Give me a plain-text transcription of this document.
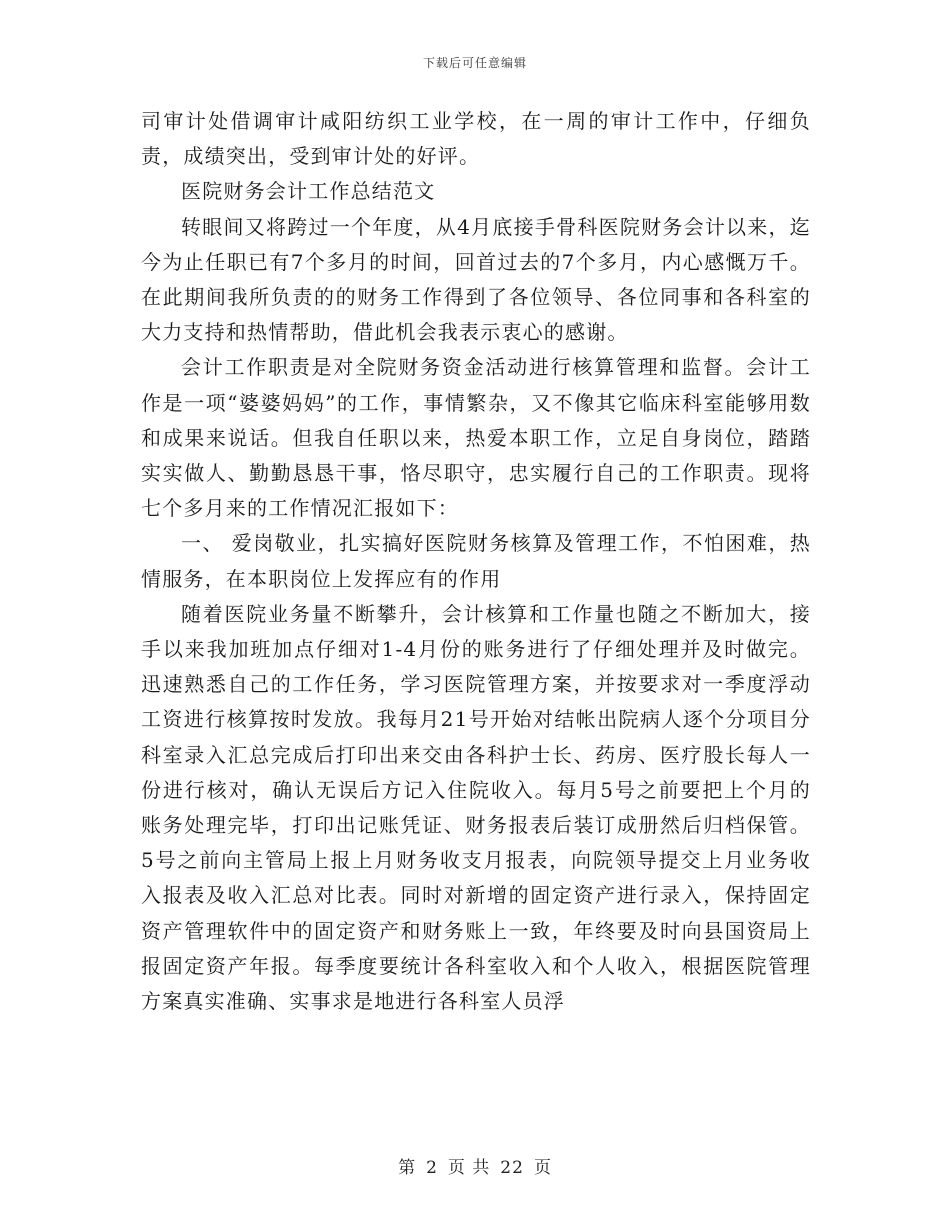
下载后可任意编辑

司审计处借调审计咸阳纺织工业学校，在一周的审计工作中，仔细负责，成绩突出，受到审计处的好评。

医院财务会计工作总结范文

转眼间又将跨过一个年度，从4月底接手骨科医院财务会计以来，迄今为止任职已有7个多月的时间，回首过去的7个多月，内心感慨万千。在此期间我所负责的的财务工作得到了各位领导、各位同事和各科室的大力支持和热情帮助，借此机会我表示衷心的感谢。

会计工作职责是对全院财务资金活动进行核算管理和监督。会计工作是一项“婆婆妈妈”的工作，事情繁杂，又不像其它临床科室能够用数和成果来说话。但我自任职以来，热爱本职工作，立足自身岗位，踏踏实实做人、勤勤恳恳干事，恪尽职守，忠实履行自己的工作职责。现将七个多月来的工作情况汇报如下：

一、 爱岗敬业，扎实搞好医院财务核算及管理工作，不怕困难，热情服务，在本职岗位上发挥应有的作用

随着医院业务量不断攀升，会计核算和工作量也随之不断加大，接手以来我加班加点仔细对1-4月份的账务进行了仔细处理并及时做完。迅速熟悉自己的工作任务，学习医院管理方案，并按要求对一季度浮动工资进行核算按时发放。我每月21号开始对结帐出院病人逐个分项目分科室录入汇总完成后打印出来交由各科护士长、药房、医疗股长每人一份进行核对，确认无误后方记入住院收入。每月5号之前要把上个月的账务处理完毕，打印出记账凭证、财务报表后装订成册然后归档保管。5号之前向主管局上报上月财务收支月报表，向院领导提交上月业务收入报表及收入汇总对比表。同时对新增的固定资产进行录入，保持固定资产管理软件中的固定资产和财务账上一致，年终要及时向县国资局上报固定资产年报。每季度要统计各科室收入和个人收入，根据医院管理方案真实准确、实事求是地进行各科室人员浮

第 2 页 共 22 页
